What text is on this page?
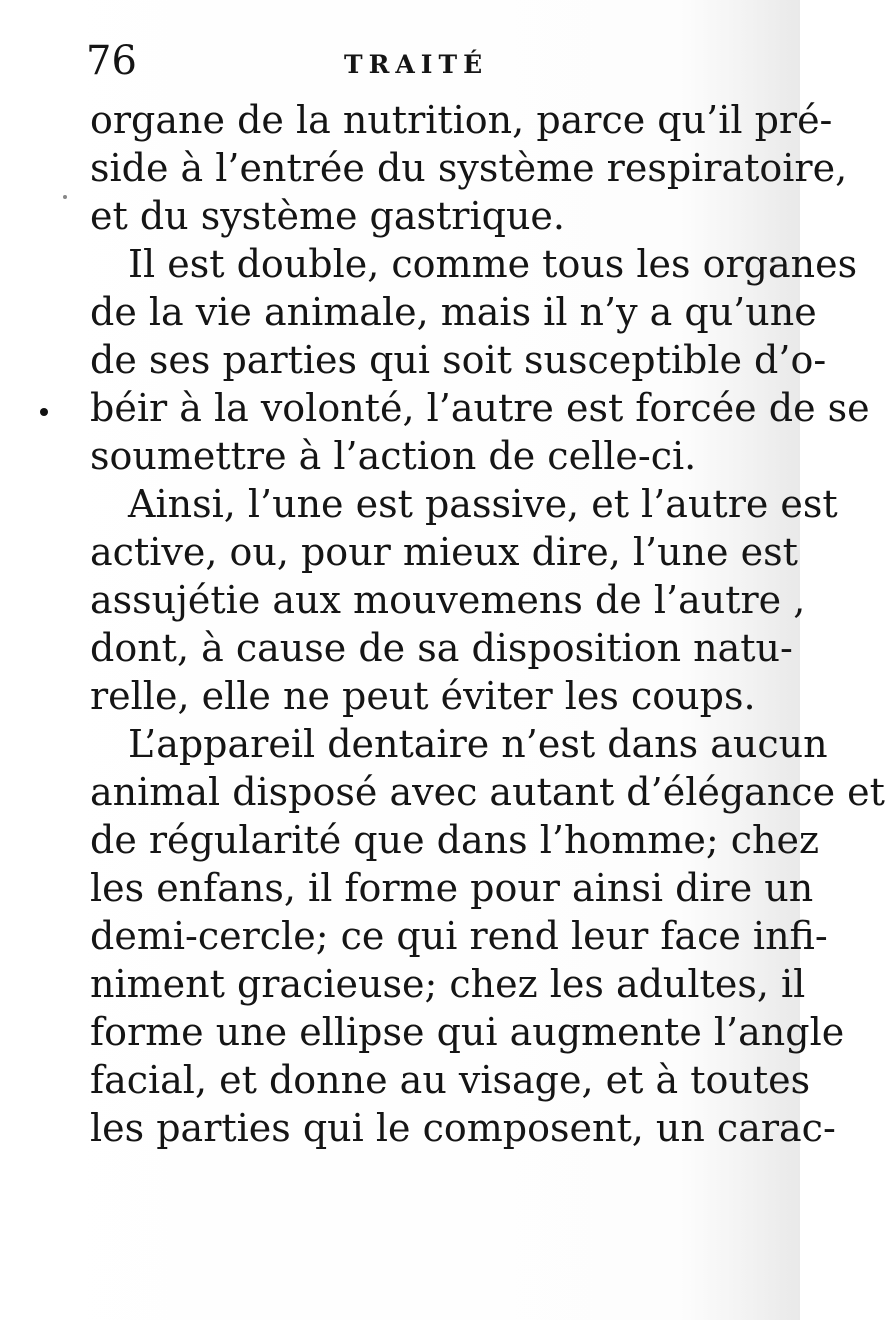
76	TRAITÉ
organe de la nutrition, parce qu’il pré-
side à l’entrée du système respiratoire,
et du système gastrique.
Il est double, comme tous les organes
de la vie animale, mais il n’y a qu’une
de ses parties qui soit susceptible d’o-
béir à la volonté, l’autre est forcée de se
soumettre à l’action de celle-ci.
Ainsi, l’une est passive, et l’autre est
active, ou, pour mieux dire, l’une est
assujétie aux mouvemens de l’autre ,
dont, à cause de sa disposition natu-
relle, elle ne peut éviter les coups.
L’appareil dentaire n’est dans aucun
animal disposé avec autant d’élégance et
de régularité que dans l’homme; chez
les enfans, il forme pour ainsi dire un
demi-cercle; ce qui rend leur face infi-
niment gracieuse; chez les adultes, il
forme une ellipse qui augmente l’angle
facial, et donne au visage, et à toutes
les parties qui le composent, un carac-
